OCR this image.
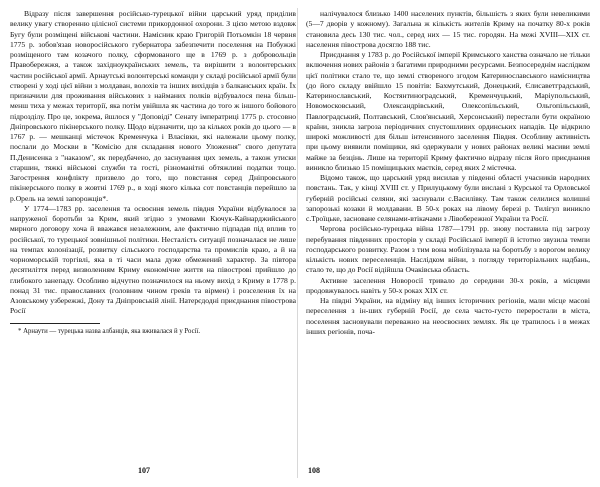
Відразу після завершення російсько-турецької війни царський уряд приділив велику увагу створенню цілісної системи прикордонної охорони. З цією метою вздовж Бугу були розміщені військові частини. Намісник краю Григорій Потьомкін 18 червня 1775 р. зобов'язав новоросійського губернатора забезпечити поселення на Побужжі розміщеного там козачого полку, сформованого ще в 1769 р. з добровольців Правобережжя, а також західноукраїнських земель, та вирішити з волонтерських частин російської армії. Арнаутські волонтерські команди у складі російської армії були створені у ході цієї війни з молдаван, волохів та інших вихідців з балканських країн. Їх призначили для проживання військових з найманих полків відбувалося пена більш-менш тиха у межах території, яка потім увійшла як частина до того ж іншого бойового підрозділу. Про це, зокрема, йшлося у "Доповіді" Сенату імператриці 1775 р. стосовно Дніпровського пікінерського полку. Щодо відзначити, що за кількох років до цього — в 1767 р. — мешканці містечок Кременчука і Власівки, які належали цьому полку, послали до Москви в "Комісію для складання нового Уложення" свого депутата П.Денисенка з "наказом", як передбачено, до заснування цих земель, а також утиски старшин, тяжкі військові служби та гості, різноманітні обтяжливі податки тощо. Загострення конфлікту призвело до того, що повстання серед Дніпровського пікінерського полку в жовтні 1769 р., в ході якого кілька сот повстанців перейшло за р.Орель на землі запорожців*.

У 1774—1783 рр. заселення та освоєння земель півдня України відбувалося за напруженої боротьби за Крим, який згідно з умовами Кючук-Кайнарджийського мирного договору хоча й вважався незалежним, але фактично підпадав під вплив то російської, то турецької зовнішньої політики. Несталість ситуації позначалася не лише на темпах колонізації, розвитку сільського господарства та промислів краю, а й на чорноморській торгівлі, яка в ті часи мала дуже обмежений характер. За півтора десятиліття перед визволенням Криму економічне життя на півострові прийшло до глибокого занепаду. Особливо відчутно позначилося на ньому вихід з Криму в 1778 р. понад 31 тис. православних (головним чином греків та вірмен) і розселення їх на Азовському узбережжі, Дону та Дніпровській лінії. Натерєдодні приєднання півострова Росії

* Арнаути — турецька назва албанців, яка вживалася й у Росії.

107

налічувалося близько 1400 населених пунктів, більшість з яких були невеликими (5—7 дворів у кожному). Загальна ж кількість жителів Криму на початку 80-х років становила десь 130 тис. чол., серед них — 15 тис. городян. На межі XVIII—XIX ст. населення півострова досягло 188 тис.

Приєднання у 1783 р. до Російської імперії Кримського ханства означало не тільки включення нових районів з багатими природними ресурсами. Безпосереднім наслідком цієї політики стало те, що землі створеного згодом Катеринославського намісництва (до його складу ввійшло 15 повітів: Бахмутський, Донецький, Єлисаветградський, Катеринославський, Костянтиноградський, Кременчуцький, Маріупольський, Новомосковський, Олександрівський, Олексопільський, Ольгопільський, Павлоградський, Полтавський, Слов'янський, Херсонський) перестали бути окраїною країни, зникла загроза періодичних спустошливих ординських нападів. Це відкрило широкі можливості для більш інтенсивного заселення Півдня. Особливу активність при цьому виявили поміщики, які одержували у нових районах великі масиви землі майже за безцінь. Лише на території Криму фактично відразу після його приєднання виникло близько 15 поміщицьких маєтків, серед яких 2 містечка.

Відомо також, що царський уряд висилав у південні області учасників народних повстань. Так, у кінці XVIII ст. у Прилуцькому були вислані з Курської та Орловської губерній російські селяни, які заснували с.Василівку. Там також селилися колишні запорозькі козаки й молдавани. В 50-х роках на лівому березі р. Тилігул виникло с.Троїцьке, засноване селянами-втікачами з Лівобережної України та Росії.

Чергова російсько-турецька війна 1787—1791 рр. знову поставила під загрозу перебування південних просторів у складі Російської імперії й істотно звузила темпи господарського розвитку. Разом з тим вона мобілізувала на боротьбу з ворогом велику кількість нових переселенців. Наслідком війни, з погляду територіальних надбань, стало те, що до Росії відійшла Очаківська область.

Активне заселення Новоросії тривало до середини 30-х років, а місцями продовжувалось навіть у 50-х роках XIX ст.

На півдні України, на відміну від інших історичних регіонів, мали місце масові переселення з ін-ших губерній Росії, де села часто-густо переростали в міста, поселення засновували переважно на неосвоєних землях. Як це трапилось і в межах інших регіонів, поча-

108
